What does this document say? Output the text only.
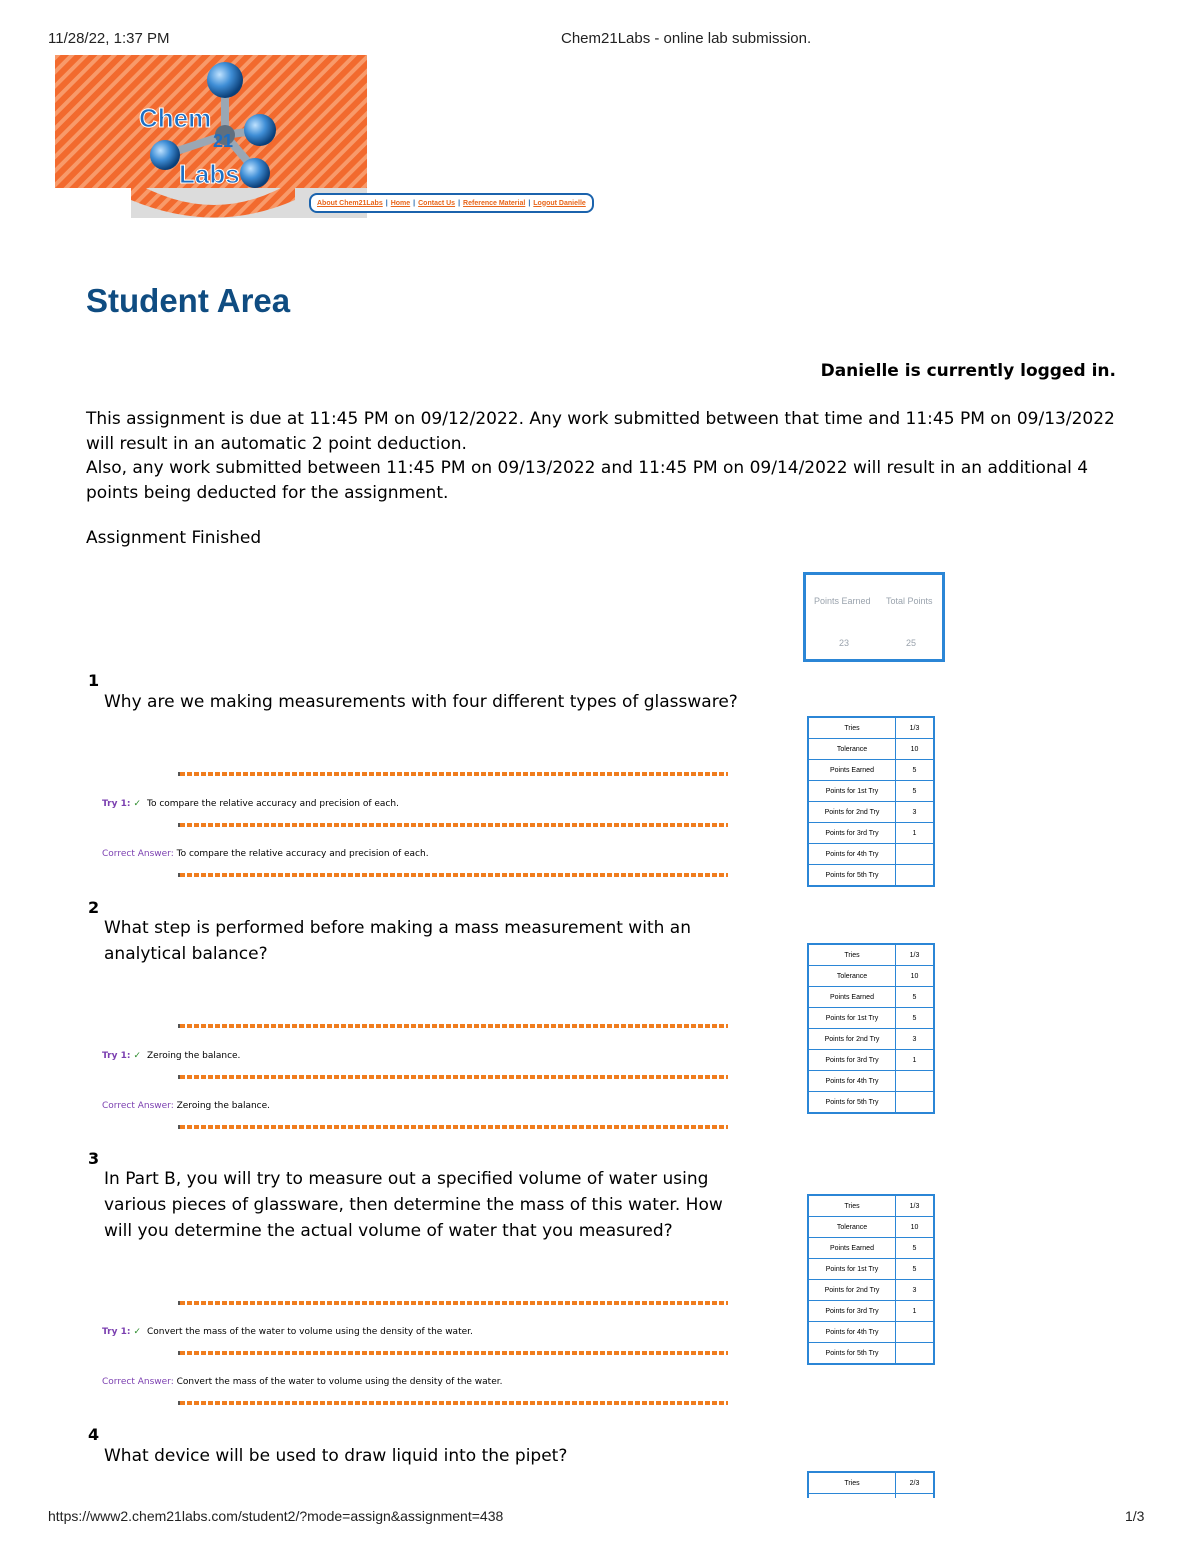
11/28/22, 1:37 PM	Chem21Labs - online lab submission.
Chem
21
Labs
About Chem21Labs | Home | Contact Us | Reference Material | Logout Danielle
Student Area
Danielle is currently logged in.
This assignment is due at 11:45 PM on 09/12/2022. Any work submitted between that time and 11:45 PM on 09/13/2022 will result in an automatic 2 point deduction.
Also, any work submitted between 11:45 PM on 09/13/2022 and 11:45 PM on 09/14/2022 will result in an additional 4 points being deducted for the assignment.
Assignment Finished
Points Earned Total Points
23	25
1
Why are we making measurements with four different types of glassware?
Try 1: ✓ To compare the relative accuracy and precision of each.
Correct Answer: To compare the relative accuracy and precision of each.
Tries	1/3
Tolerance	10
Points Earned	5
Points for 1st Try	5
Points for 2nd Try	3
Points for 3rd Try	1
Points for 4th Try	
Points for 5th Try	
2
What step is performed before making a mass measurement with an analytical balance?
Try 1: ✓ Zeroing the balance.
Correct Answer: Zeroing the balance.
Tries	1/3
Tolerance	10
Points Earned	5
Points for 1st Try	5
Points for 2nd Try	3
Points for 3rd Try	1
Points for 4th Try	
Points for 5th Try	
3
In Part B, you will try to measure out a specified volume of water using various pieces of glassware, then determine the mass of this water. How will you determine the actual volume of water that you measured?
Try 1: ✓ Convert the mass of the water to volume using the density of the water.
Correct Answer: Convert the mass of the water to volume using the density of the water.
Tries	1/3
Tolerance	10
Points Earned	5
Points for 1st Try	5
Points for 2nd Try	3
Points for 3rd Try	1
Points for 4th Try	
Points for 5th Try	
4
What device will be used to draw liquid into the pipet?
Tries	2/3

https://www2.chem21labs.com/student2/?mode=assign&assignment=438	1/3
